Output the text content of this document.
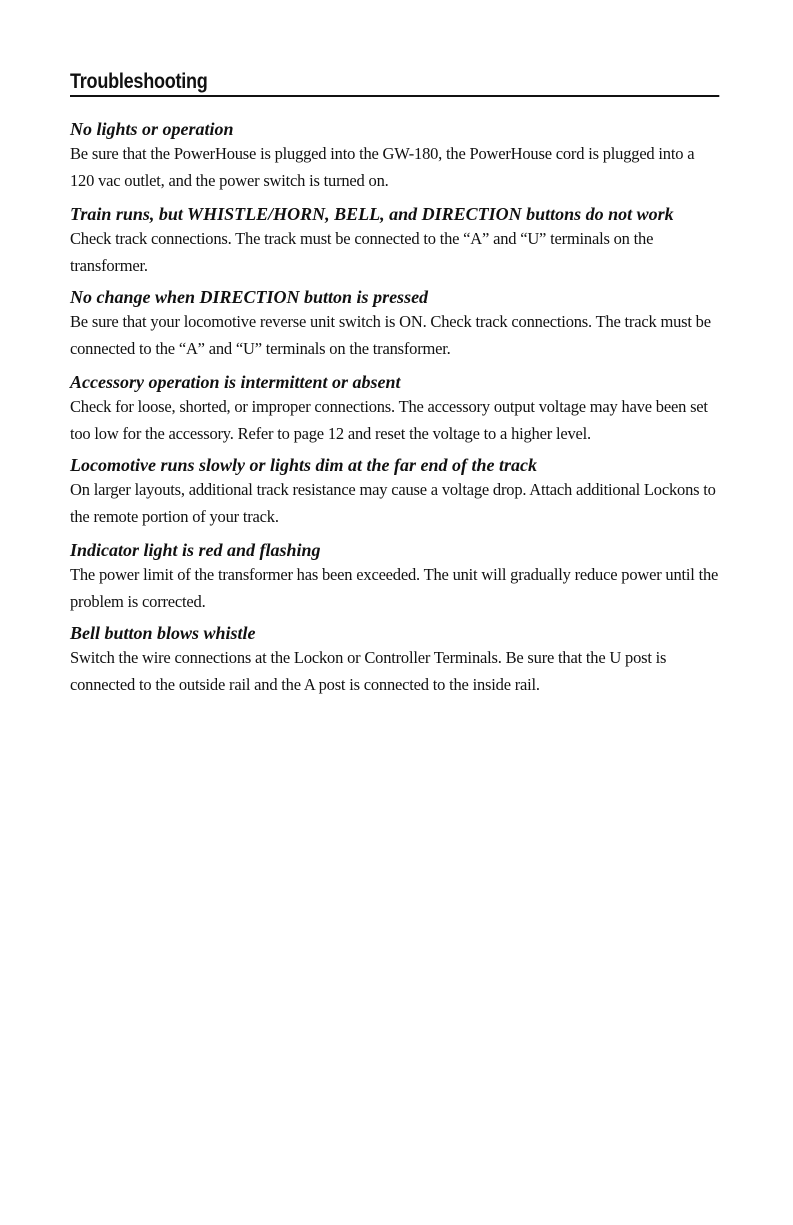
Troubleshooting
No lights or operation

Be sure that the PowerHouse is plugged into the GW-180, the PowerHouse cord is plugged into a 120 vac outlet, and the power switch is turned on.

Train runs, but WHISTLE/HORN, BELL, and DIRECTION buttons do not work

Check track connections. The track must be connected to the “A” and “U” terminals on the transformer.

No change when DIRECTION button is pressed

Be sure that your locomotive reverse unit switch is ON. Check track connections. The track must be connected to the “A” and “U” terminals on the transformer.

Accessory operation is intermittent or absent

Check for loose, shorted, or improper connections. The accessory output voltage may have been set too low for the accessory. Refer to page 12 and reset the voltage to a higher level.

Locomotive runs slowly or lights dim at the far end of the track

On larger layouts, additional track resistance may cause a voltage drop. Attach additional Lockons to the remote portion of your track.

Indicator light is red and flashing

The power limit of the transformer has been exceeded. The unit will gradually reduce power until the problem is corrected.

Bell button blows whistle

Switch the wire connections at the Lockon or Controller Terminals. Be sure that the U post is connected to the outside rail and the A post is connected to the inside rail.
